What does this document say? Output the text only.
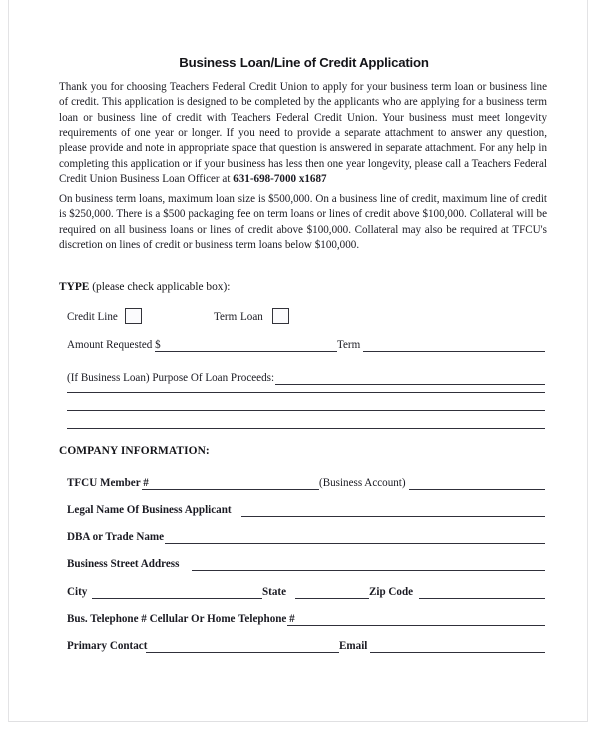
Business Loan/Line of Credit Application
Thank you for choosing Teachers Federal Credit Union to apply for your business term loan or business line of credit. This application is designed to be completed by the applicants who are applying for a business term loan or business line of credit with Teachers Federal Credit Union. Your business must meet longevity requirements of one year or longer. If you need to provide a separate attachment to answer any question, please provide and note in appropriate space that question is answered in separate attachment. For any help in completing this application or if your business has less then one year longevity, please call a Teachers Federal Credit Union Business Loan Officer at 631-698-7000 x1687
On business term loans, maximum loan size is $500,000. On a business line of credit, maximum line of credit is $250,000. There is a $500 packaging fee on term loans or lines of credit above $100,000. Collateral will be required on all business loans or lines of credit above $100,000. Collateral may also be required at TFCU's discretion on lines of credit or business term loans below $100,000.
TYPE (please check applicable box):
Credit Line	Term Loan
Amount Requested $	Term
(If Business Loan) Purpose Of Loan Proceeds:
COMPANY INFORMATION:
TFCU Member #	(Business Account)
Legal Name Of Business Applicant
DBA or Trade Name
Business Street Address
City	State	Zip Code
Bus. Telephone # Cellular Or Home Telephone #
Primary Contact	Email
